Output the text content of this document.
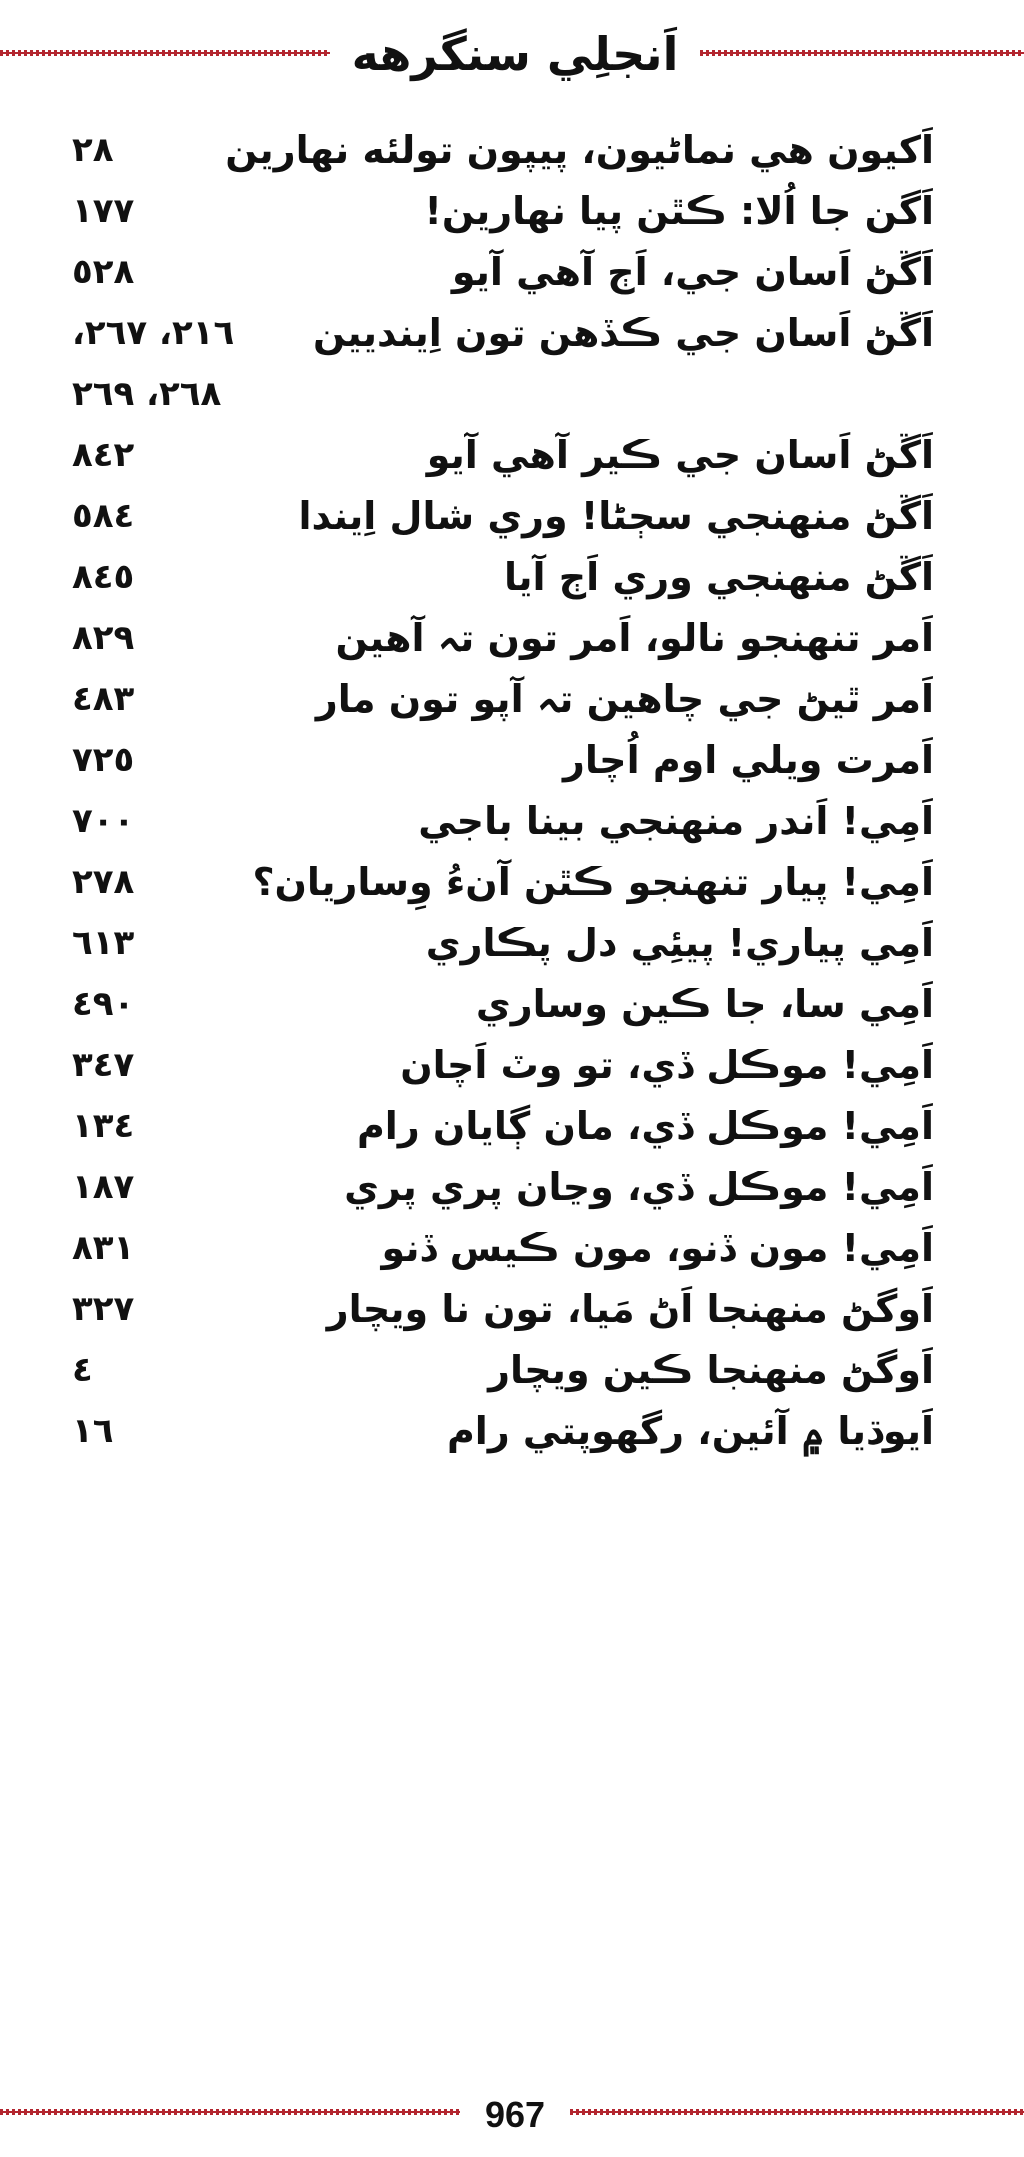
اَنجلِي سنگرهه
اَکيون هي نماڻيون، پيپون تولئه نهارين
٢٨
اَگن جا اُلا: ڪٿن پيا نهارين!
١٧٧
اَڱڻ اَسان جي، اَڄ آهي آيو
٥٢٨
اَڱڻ اَسان جي ڪڏهن تون اِينديين
٢١٦، ٢٦٧،
٢٦٨، ٢٦٩
اَڱڻ اَسان جي ڪير آهي آيو
٨٤٢
اَڱڻ منهنجي سڄڻا! وري شال اِيندا
٥٨٤
اَڱڻ منهنجي وري اَڄ آيا
٨٤٥
اَمر تنهنجو نالو، اَمر تون تہ آهين
٨٢٩
اَمر ٿيڻ جي چاهين تہ آپو تون مار
٤٨٣
اَمرت ويلي اوم اُچار
٧٢٥
اَمِي! اَندر منهنجي بينا باجي
٧٠٠
اَمِي! پيار تنهنجو ڪٿن آنءُ وِساريان؟
٢٧٨
اَمِي پياري! پيئِي دل پڪاري
٦١٣
اَمِي سا، جا ڪين وساري
٤٩٠
اَمِي! موڪل ڏي، تو وٽ اَچان
٣٤٧
اَمِي! موڪل ڏي، مان ڳايان رام
١٣٤
اَمِي! موڪل ڏي، وڃان پري پري
١٨٧
اَمِي! مون ڏنو، مون ڪيس ڏنو
٨٣١
اَوگڻ منهنجا اَڻ مَيا، تون نا ويچار
٣٢٧
اَوگڻ منهنجا ڪين ويچار
٤
اَيوڌيا ۾ آئين، رگهوپتي رام
١٦
967
